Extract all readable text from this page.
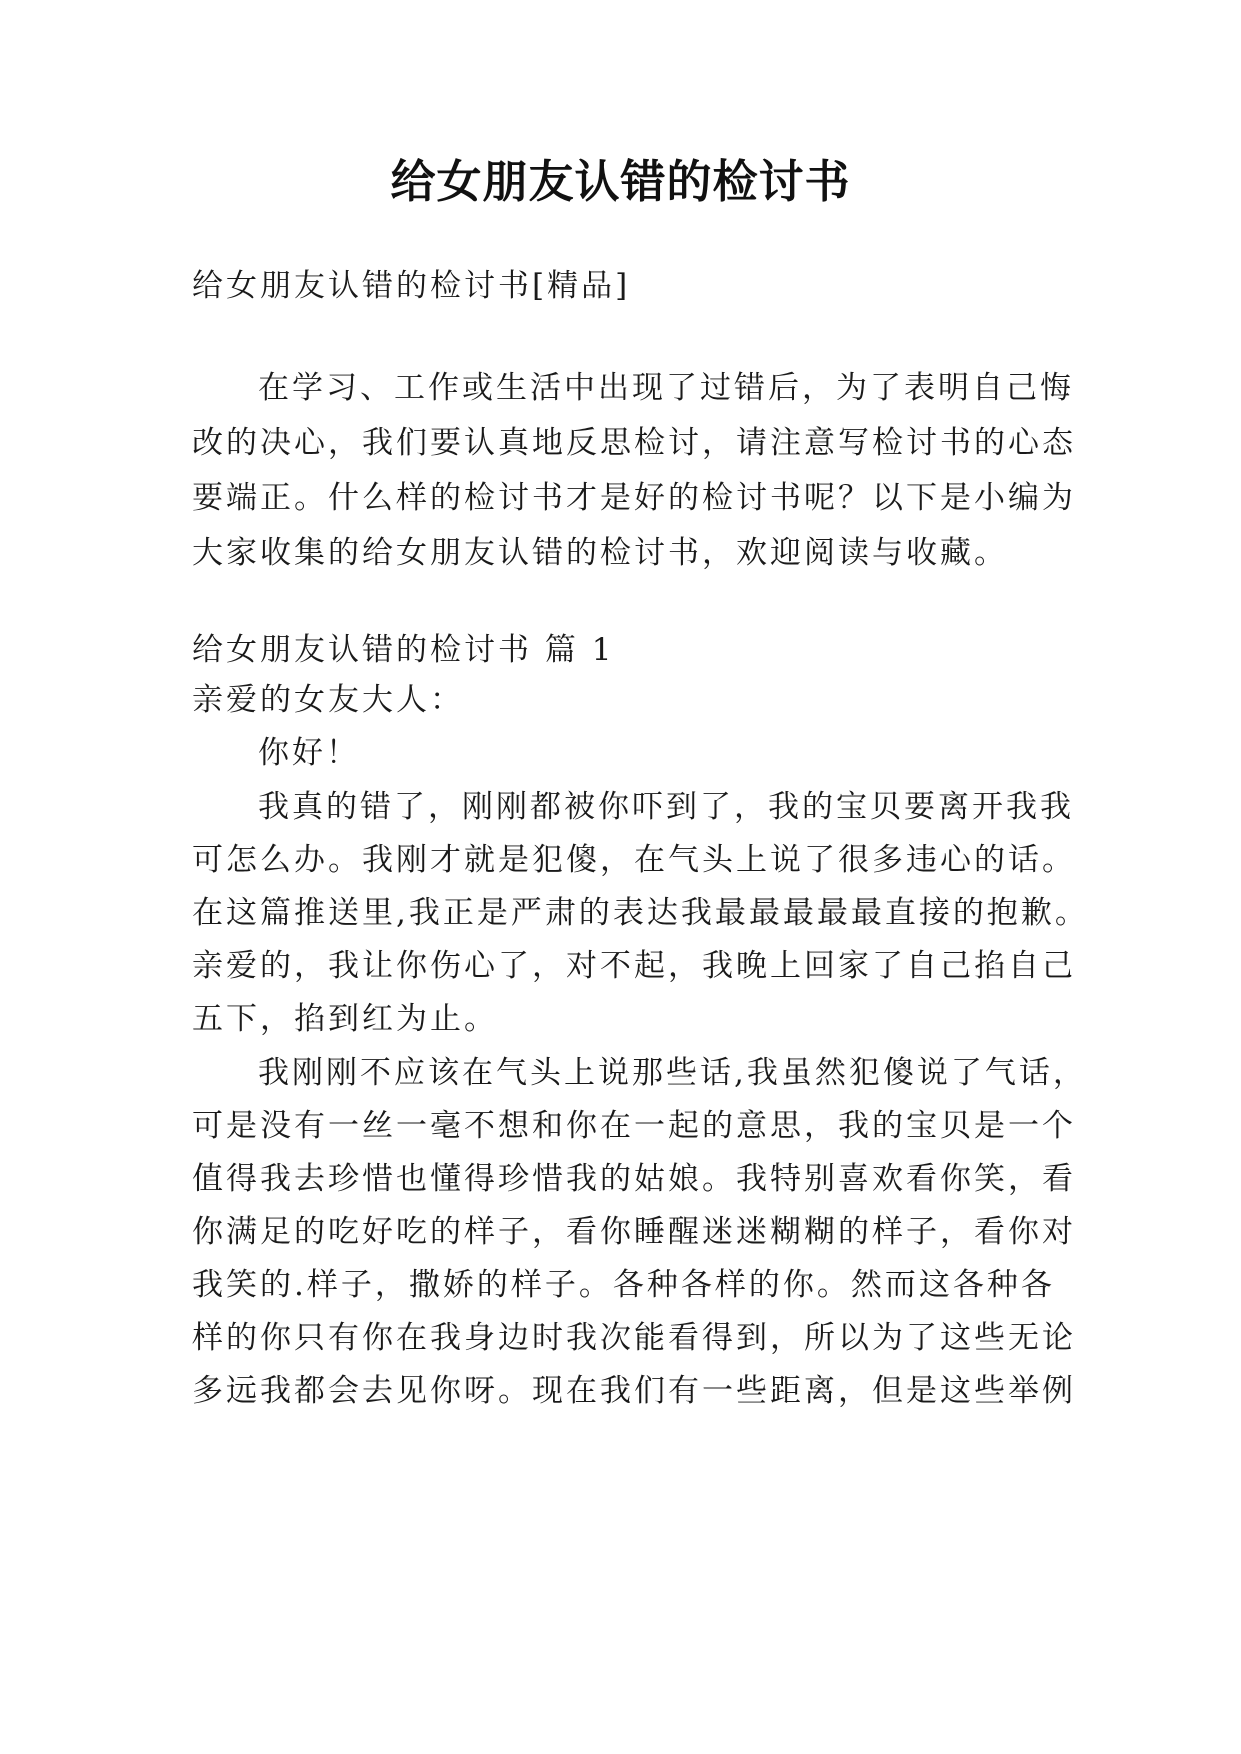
给女朋友认错的检讨书
给女朋友认错的检讨书[精品]
在学习、工作或生活中出现了过错后，为了表明自己悔
改的决心，我们要认真地反思检讨，请注意写检讨书的心态
要端正。什么样的检讨书才是好的检讨书呢？以下是小编为
大家收集的给女朋友认错的检讨书，欢迎阅读与收藏。
给女朋友认错的检讨书 篇 1
亲爱的女友大人：
你好！
我真的错了，刚刚都被你吓到了，我的宝贝要离开我我
可怎么办。我刚才就是犯傻，在气头上说了很多违心的话。
在这篇推送里,我正是严肃的表达我最最最最最直接的抱歉。
亲爱的，我让你伤心了，对不起，我晚上回家了自己掐自己
五下，掐到红为止。
我刚刚不应该在气头上说那些话,我虽然犯傻说了气话，
可是没有一丝一毫不想和你在一起的意思，我的宝贝是一个
值得我去珍惜也懂得珍惜我的姑娘。我特别喜欢看你笑，看
你满足的吃好吃的样子，看你睡醒迷迷糊糊的样子，看你对
我笑的.样子，撒娇的样子。各种各样的你。然而这各种各
样的你只有你在我身边时我次能看得到，所以为了这些无论
多远我都会去见你呀。现在我们有一些距离，但是这些举例
